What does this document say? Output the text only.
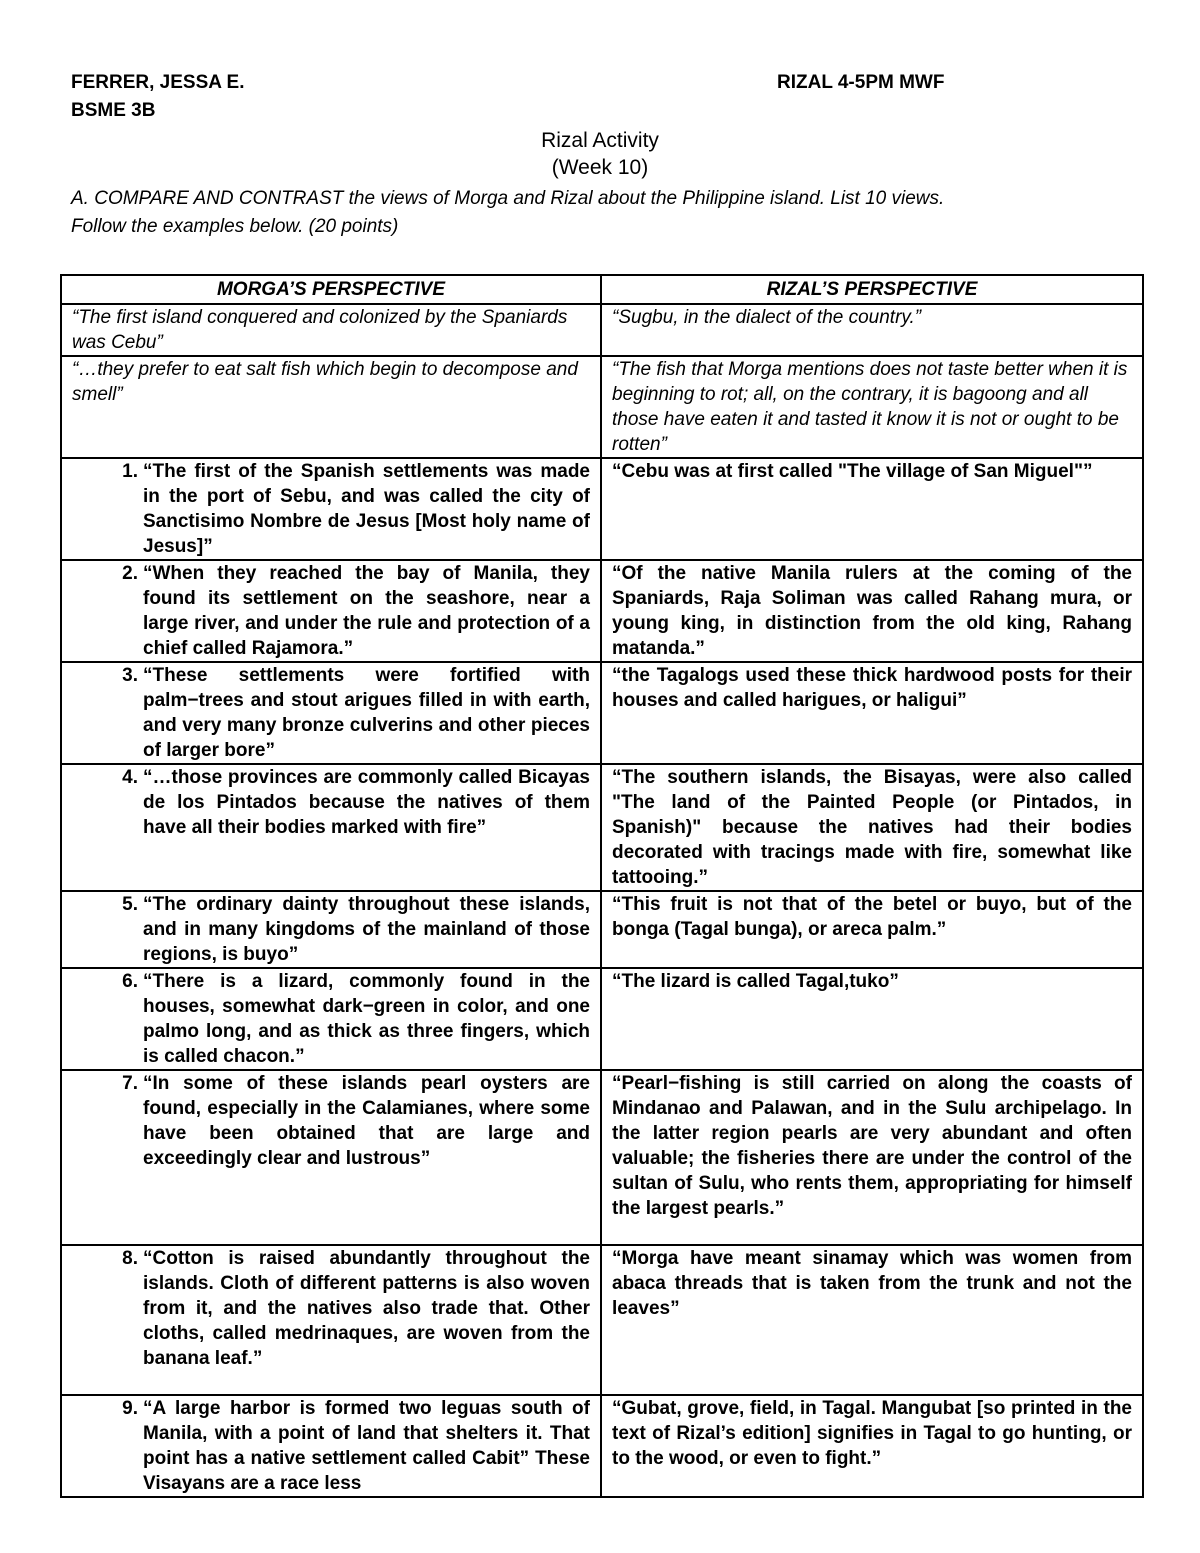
FERRER, JESSA E.
BSME 3B
RIZAL 4-5PM MWF
Rizal Activity
(Week 10)
A. COMPARE AND CONTRAST the views of Morga and Rizal about the Philippine island. List 10 views.
Follow the examples below. (20 points)
MORGA’S PERSPECTIVE	RIZAL’S PERSPECTIVE
“The first island conquered and colonized by the Spaniards was Cebu”	“Sugbu, in the dialect of the country.”
“…they prefer to eat salt fish which begin to decompose and smell”	“The fish that Morga mentions does not taste better when it is beginning to rot; all, on the contrary, it is bagoong and all those have eaten it and tasted it know it is not or ought to be rotten”

1. “The first of the Spanish settlements was made in the port of Sebu, and was called the city of Sanctisimo Nombre de Jesus [Most holy name of Jesus]”	“Cebu was at first called "The village of San Miguel"”

2. “When they reached the bay of Manila, they found its settlement on the seashore, near a large river, and under the rule and protection of a chief called Rajamora.”	“Of the native Manila rulers at the coming of the Spaniards, Raja Soliman was called Rahang mura, or young king, in distinction from the old king, Rahang matanda.”

3. “These settlements were fortified with palm−trees and stout arigues filled in with earth, and very many bronze culverins and other pieces of larger bore”	“the Tagalogs used these thick hardwood posts for their houses and called harigues, or haligui”

4. “…those provinces are commonly called Bicayas de los Pintados because the natives of them have all their bodies marked with fire”	“The southern islands, the Bisayas, were also called "The land of the Painted People (or Pintados, in Spanish)" because the natives had their bodies decorated with tracings made with fire, somewhat like tattooing.”

5. “The ordinary dainty throughout these islands, and in many kingdoms of the mainland of those regions, is buyo”	“This fruit is not that of the betel or buyo, but of the bonga (Tagal bunga), or areca palm.”

6. “There is a lizard, commonly found in the houses, somewhat dark−green in color, and one palmo long, and as thick as three fingers, which is called chacon.”	“The lizard is called Tagal,tuko”

7. “In some of these islands pearl oysters are found, especially in the Calamianes, where some have been obtained that are large and exceedingly clear and lustrous”	“Pearl−fishing is still carried on along the coasts of Mindanao and Palawan, and in the Sulu archipelago. In the latter region pearls are very abundant and often valuable; the fisheries there are under the control of the sultan of Sulu, who rents them, appropriating for himself the largest pearls.”

8. “Cotton is raised abundantly throughout the islands. Cloth of different patterns is also woven from it, and the natives also trade that. Other cloths, called medrinaques, are woven from the banana leaf.”	“Morga have meant sinamay which was women from abaca threads that is taken from the trunk and not the leaves”

9. “A large harbor is formed two leguas south of Manila, with a point of land that shelters it. That point has a native settlement called Cabit” These Visayans are a race less	“Gubat, grove, field, in Tagal. Mangubat [so printed in the text of Rizal’s edition] signifies in Tagal to go hunting, or to the wood, or even to fight.”
